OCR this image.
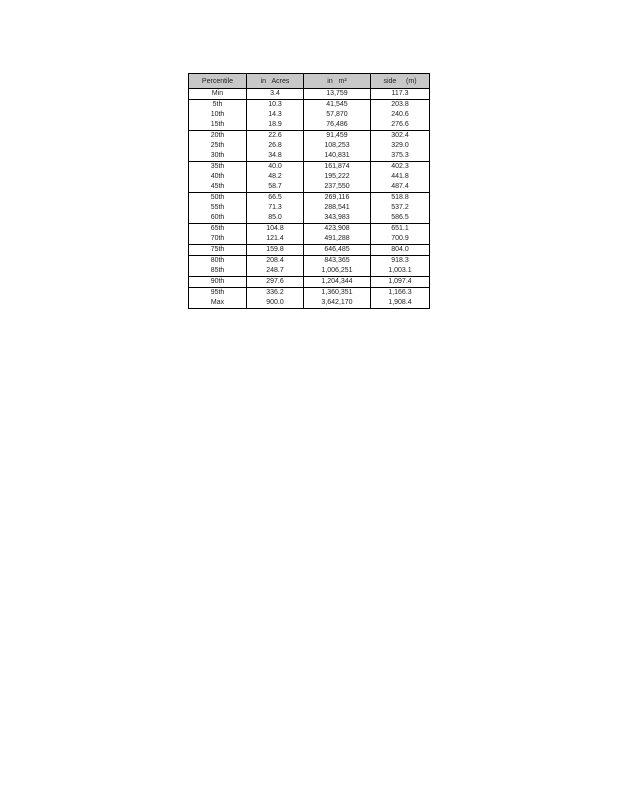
Percentile	in   Acres	in   m²	side     (m)
Min	3.4	13,759	117.3
5th	10.3	41,545	203.8
10th	14.3	57,870	240.6
15th	18.9	76,486	276.6
20th	22.6	91,459	302.4
25th	26.8	108,253	329.0
30th	34.8	140,831	375.3
35th	40.0	161,874	402.3
40th	48.2	195,222	441.8
45th	58.7	237,550	487.4
50th	66.5	269,116	518.8
55th	71.3	288,541	537.2
60th	85.0	343,983	586.5
65th	104.8	423,908	651.1
70th	121.4	491,288	700.9
75th	159.8	646,485	804.0
80th	208.4	843,365	918.3
85th	248.7	1,006,251	1,003.1
90th	297.6	1,204,344	1,097.4
95th	336.2	1,360,351	1,166.3
Max	900.0	3,642,170	1,908.4
